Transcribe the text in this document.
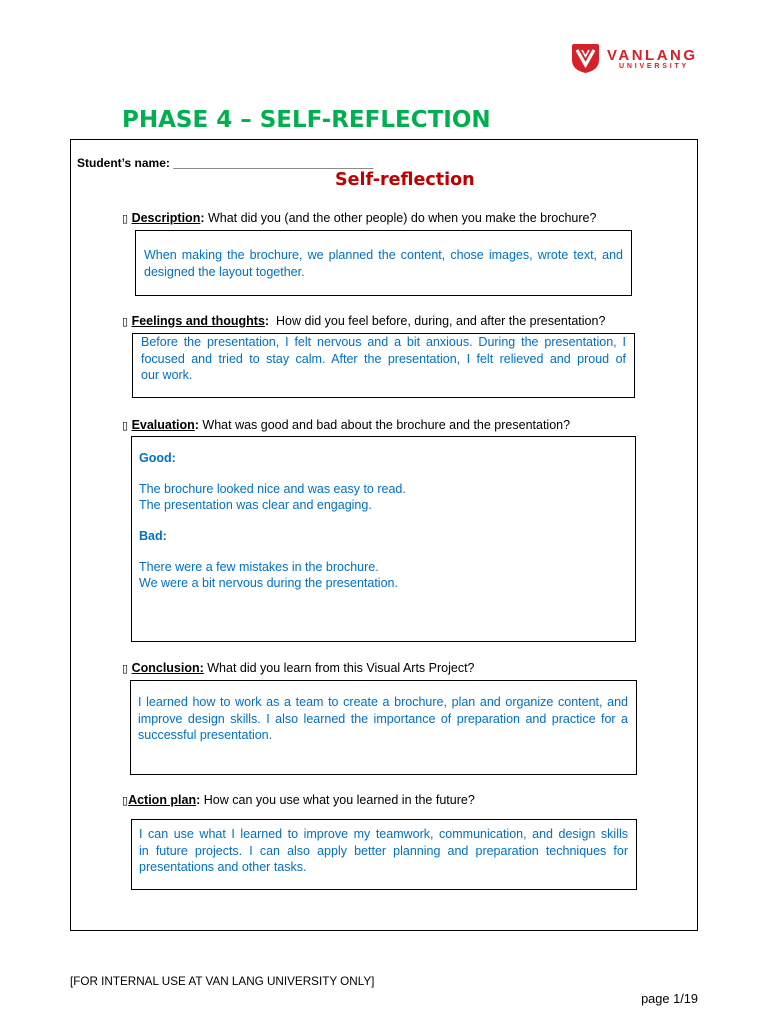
VANLANG
UNIVERSITY
PHASE 4 – SELF-REFLECTION
Student’s name: ______________________________
Self-reflection
▯ Description: What did you (and the other people) do when you make the brochure?
When making the brochure, we planned the content, chose images, wrote text, and
designed the layout together.
▯ Feelings and thoughts:  How did you feel before, during, and after the presentation?
Before the presentation, I felt nervous and a bit anxious. During the presentation, I
focused and tried to stay calm. After the presentation, I felt relieved and proud of
our work.
▯ Evaluation: What was good and bad about the brochure and the presentation?
Good:
The brochure looked nice and was easy to read.
The presentation was clear and engaging.
Bad:
There were a few mistakes in the brochure.
We were a bit nervous during the presentation.
▯ Conclusion: What did you learn from this Visual Arts Project?
I learned how to work as a team to create a brochure, plan and organize content, and
improve design skills. I also learned the importance of preparation and practice for a
successful presentation.
▯Action plan: How can you use what you learned in the future?
I can use what I learned to improve my teamwork, communication, and design skills
in future projects. I can also apply better planning and preparation techniques for
presentations and other tasks.
[FOR INTERNAL USE AT VAN LANG UNIVERSITY ONLY]
page 1/19
